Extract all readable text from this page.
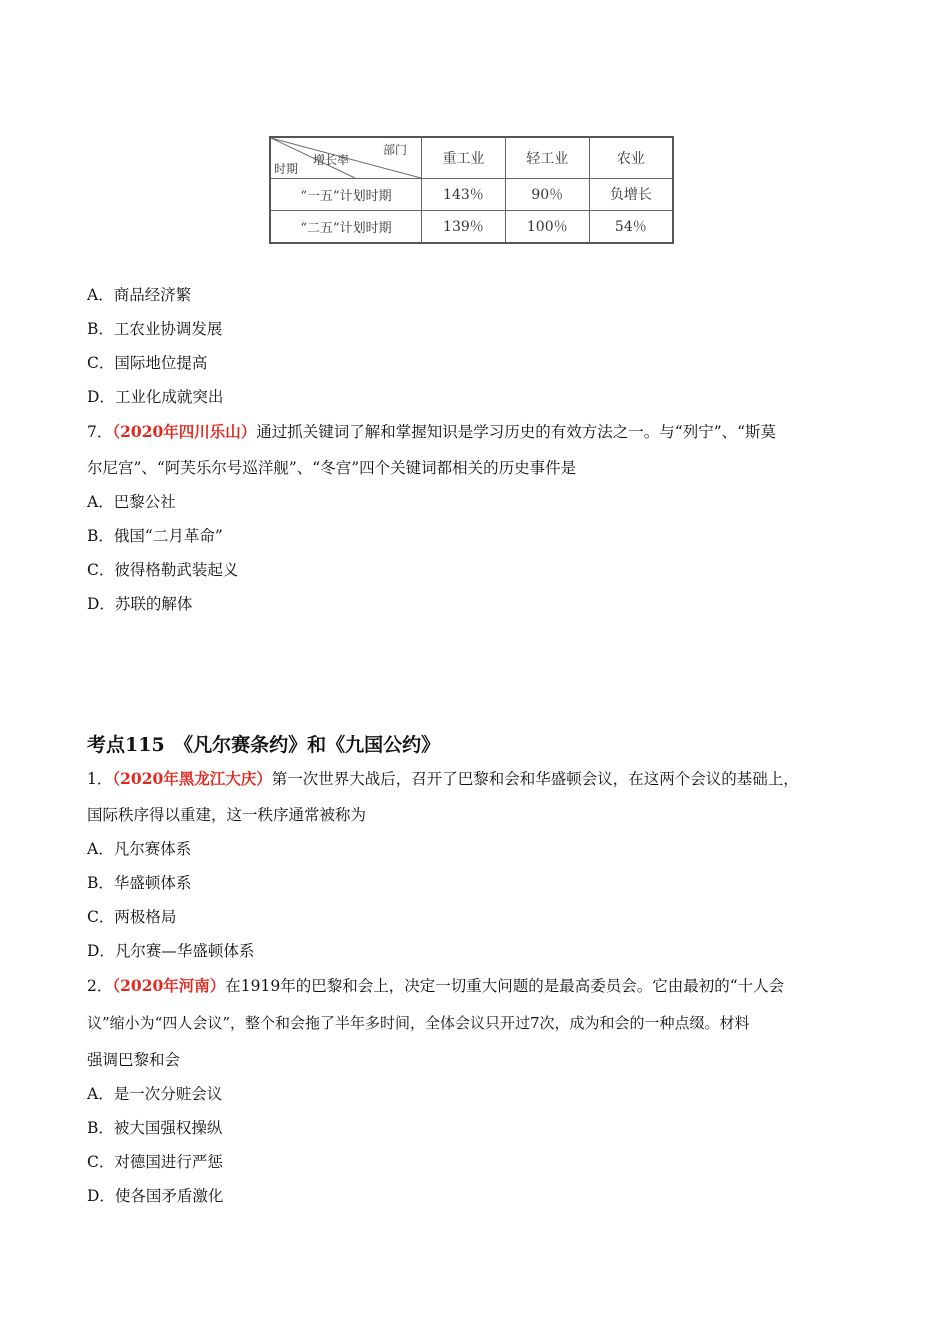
部门
增长率
时期	重工业	轻工业	农业
“一五”计划时期	143％	90％	负增长
“二五”计划时期	139％	100％	54％
A．商品经济繁
B．工农业协调发展
C．国际地位提高
D．工业化成就突出
7．（2020年四川乐山）通过抓关键词了解和掌握知识是学习历史的有效方法之一。与“列宁”、“斯莫
尔尼宫”、“阿芙乐尔号巡洋舰”、“冬宫”四个关键词都相关的历史事件是
A．巴黎公社
B．俄国“二月革命”
C．彼得格勒武装起义
D．苏联的解体
考点115　《凡尔赛条约》和《九国公约》
1．（2020年黑龙江大庆）第一次世界大战后，召开了巴黎和会和华盛顿会议，在这两个会议的基础上，
国际秩序得以重建，这一秩序通常被称为
A．凡尔赛体系
B．华盛顿体系
C．两极格局
D．凡尔赛—华盛顿体系
2．（2020年河南）在1919年的巴黎和会上，决定一切重大问题的是最高委员会。它由最初的“十人会
议”缩小为“四人会议”，整个和会拖了半年多时间，全体会议只开过7次，成为和会的一种点缀。材料
强调巴黎和会
A．是一次分赃会议
B．被大国强权操纵
C．对德国进行严惩
D．使各国矛盾激化
